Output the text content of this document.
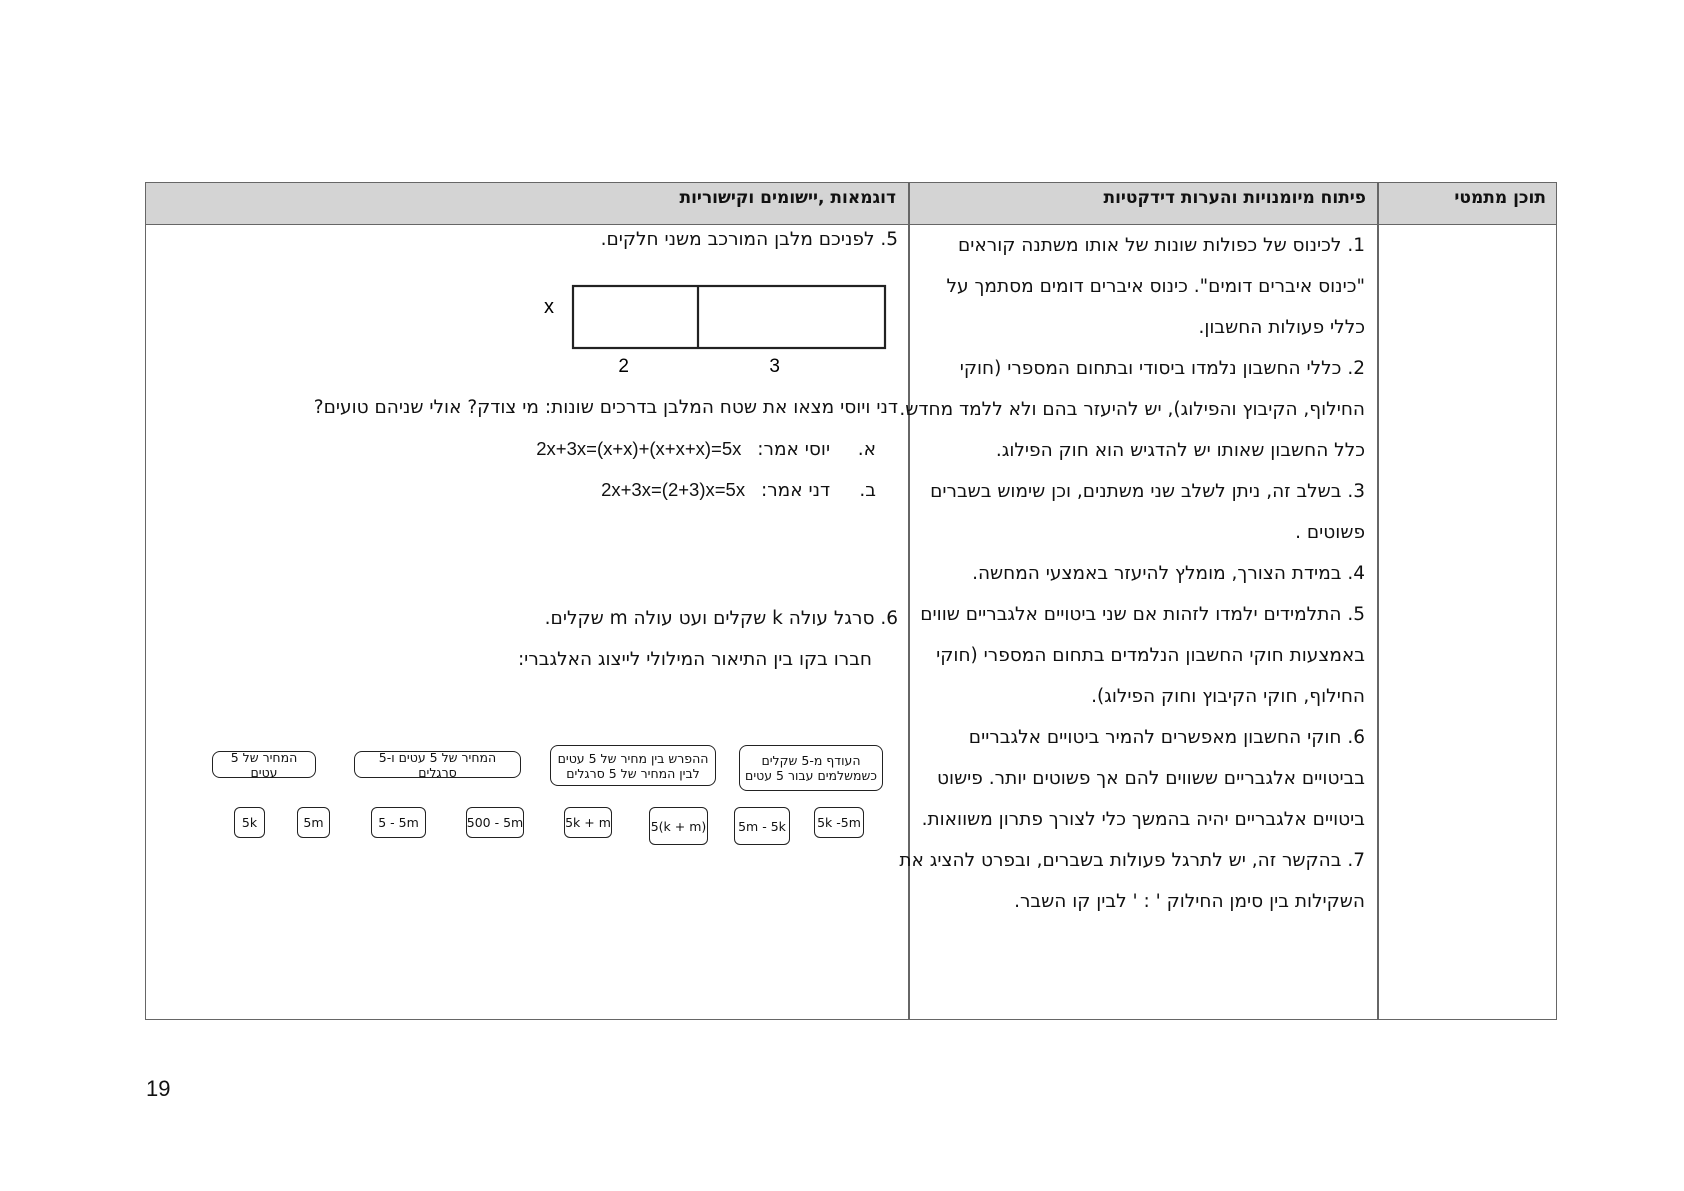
תוכן מתמטי
פיתוח מיומנויות והערות דידקטיות
דוגמאות ,יישומים וקישוריות
1. לכינוס של כפולות שונות של אותו משתנה קוראים
"כינוס איברים דומים". כינוס איברים דומים מסתמך על
כללי פעולות החשבון.
2. כללי החשבון נלמדו ביסודי ובתחום המספרי (חוקי
החילוף, הקיבוץ והפילוג), יש להיעזר בהם ולא ללמד מחדש.
כלל החשבון שאותו יש להדגיש הוא חוק הפילוג.
3. בשלב זה, ניתן לשלב שני משתנים, וכן שימוש בשברים
פשוטים .
4. במידת הצורך, מומלץ להיעזר באמצעי המחשה.
5. התלמידים ילמדו לזהות אם שני ביטויים אלגבריים שווים
באמצעות חוקי החשבון הנלמדים בתחום המספרי (חוקי
החילוף, חוקי הקיבוץ וחוק הפילוג).
6. חוקי החשבון מאפשרים להמיר ביטויים אלגבריים
בביטויים אלגבריים ששווים להם אך פשוטים יותר. פישוט
ביטויים אלגבריים יהיה בהמשך כלי לצורך פתרון משוואות.
7. בהקשר זה, יש לתרגל פעולות בשברים, ובפרט להציג את
השקילות בין סימן החילוק ' : ' לבין קו השבר.
5. לפניכם מלבן המורכב משני חלקים.
x
2	3
דני ויוסי מצאו את שטח המלבן בדרכים שונות: מי צודק? אולי שניהם טועים?
א. יוסי אמר: 2x+3x=(x+x)+(x+x+x)=5x
ב. דני אמר: 2x+3x=(2+3)x=5x
6. סרגל עולה k שקלים ועט עולה m שקלים.
חברו בקו בין התיאור המילולי לייצוג האלגברי:
העודף מ-5 שקלים
כשמשלמים עבור 5 עטים
ההפרש בין מחיר של 5 עטים
לבין המחיר של 5 סרגלים
המחיר של 5 עטים ו-5 סרגלים
המחיר של 5 עטים
5k -5m
5m - 5k
5(k + m)
5k + m
500 - 5m
5 - 5m
5m
5k
19
